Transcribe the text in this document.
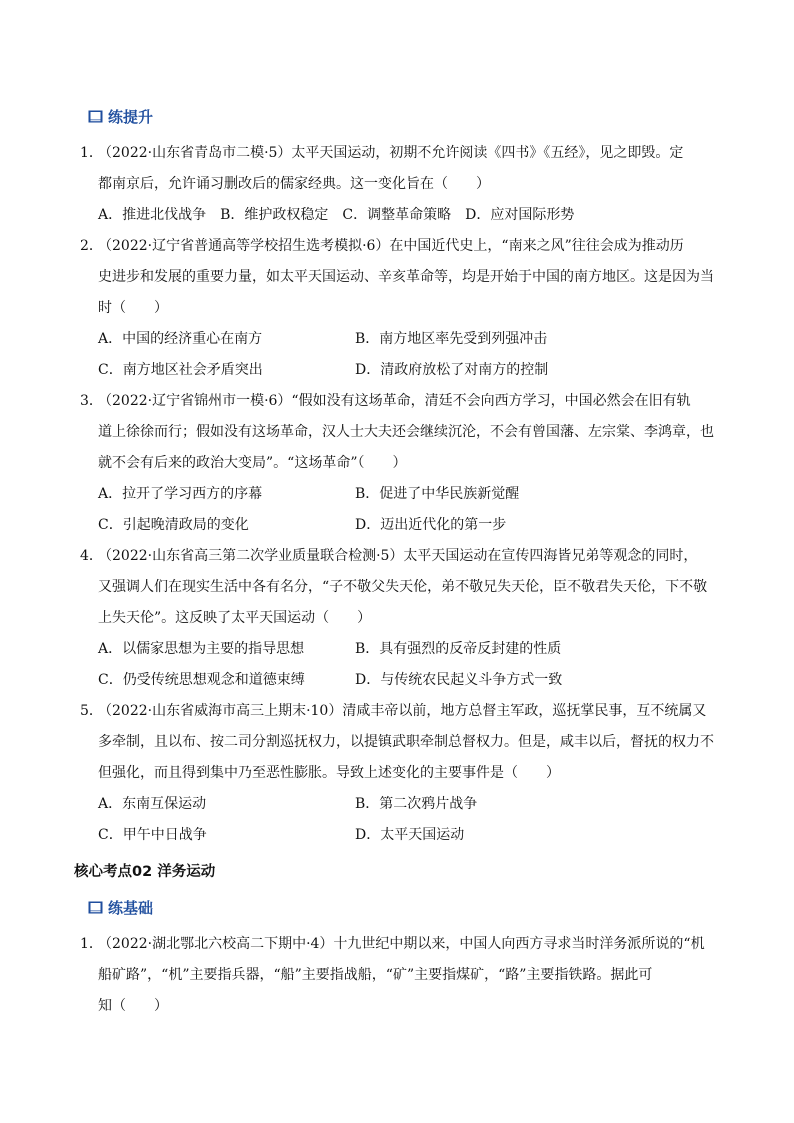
练提升
1．（2022·山东省青岛市二模·5）太平天国运动，初期不允许阅读《四书》《五经》，见之即毁。定
都南京后，允许诵习删改后的儒家经典。这一变化旨在（　　）
A．推进北伐战争 B．维护政权稳定 C．调整革命策略 D．应对国际形势
2．（2022·辽宁省普通高等学校招生选考模拟·6）在中国近代史上，“南来之风”往往会成为推动历
史进步和发展的重要力量，如太平天国运动、辛亥革命等，均是开始于中国的南方地区。这是因为当
时（　　）
A．中国的经济重心在南方	B．南方地区率先受到列强冲击
C．南方地区社会矛盾突出	D．清政府放松了对南方的控制
3．（2022·辽宁省锦州市一模·6）“假如没有这场革命，清廷不会向西方学习，中国必然会在旧有轨
道上徐徐而行；假如没有这场革命，汉人士大夫还会继续沉沦，不会有曾国藩、左宗棠、李鸿章，也
就不会有后来的政治大变局”。“这场革命”（　　）
A．拉开了学习西方的序幕	B．促进了中华民族新觉醒
C．引起晚清政局的变化	D．迈出近代化的第一步
4．（2022·山东省高三第二次学业质量联合检测·5）太平天国运动在宣传四海皆兄弟等观念的同时，
又强调人们在现实生活中各有名分，“子不敬父失天伦，弟不敬兄失天伦，臣不敬君失天伦，下不敬
上失天伦”。这反映了太平天国运动（　　）
A．以儒家思想为主要的指导思想	B．具有强烈的反帝反封建的性质
C．仍受传统思想观念和道德束缚	D．与传统农民起义斗争方式一致
5．（2022·山东省威海市高三上期末·10）清咸丰帝以前，地方总督主军政，巡抚掌民事，互不统属又
多牵制，且以布、按二司分割巡抚权力，以提镇武职牵制总督权力。但是，咸丰以后，督抚的权力不
但强化，而且得到集中乃至恶性膨胀。导致上述变化的主要事件是（　　）
A．东南互保运动	B．第二次鸦片战争
C．甲午中日战争	D．太平天国运动
核心考点02 洋务运动
练基础
1．（2022·湖北鄂北六校高二下期中·4）十九世纪中期以来，中国人向西方寻求当时洋务派所说的“机
船矿路”，“机”主要指兵器，“船”主要指战船，“矿”主要指煤矿，“路”主要指铁路。据此可
知（　　）
